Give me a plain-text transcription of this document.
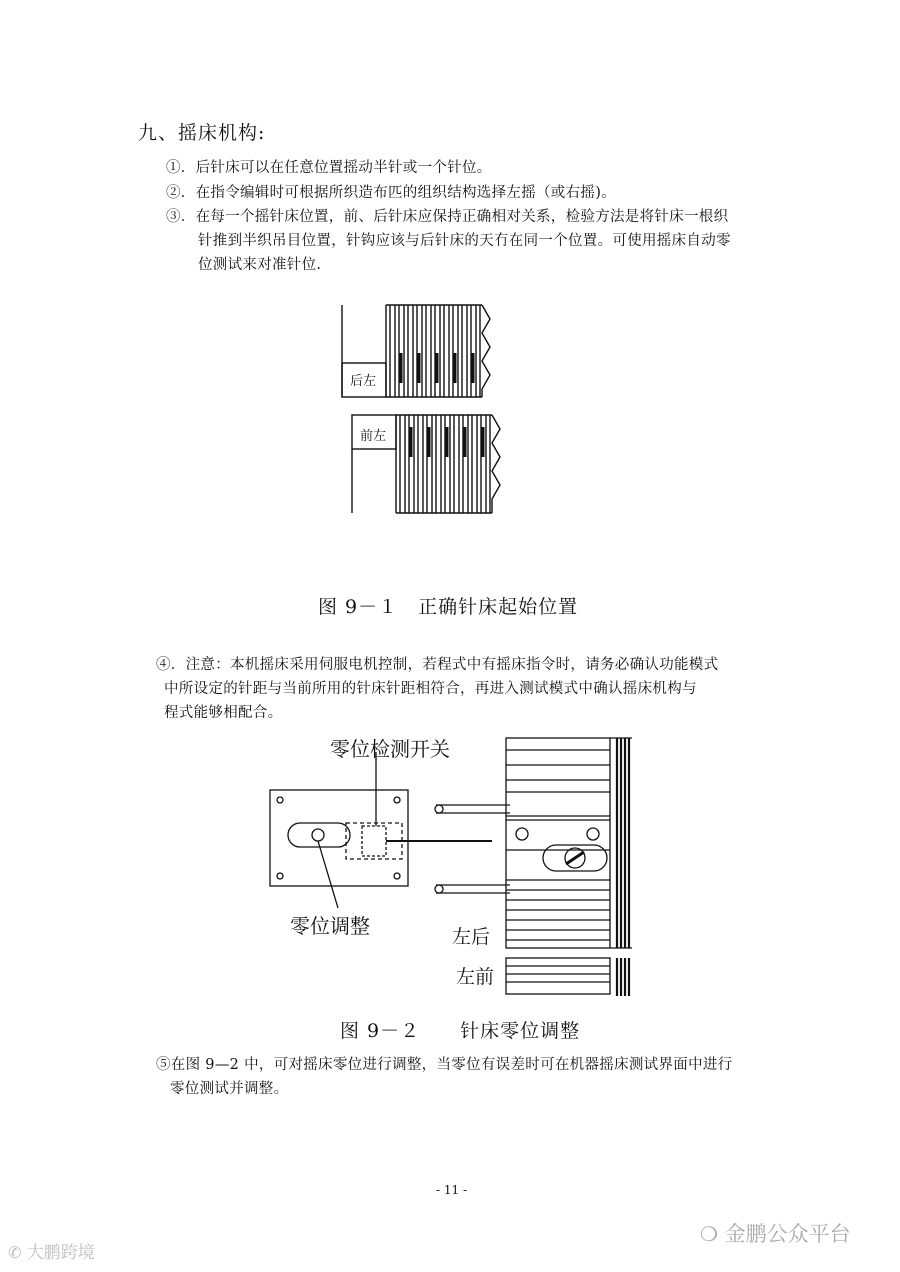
九、摇床机构:
①．后针床可以在任意位置摇动半针或一个针位。
②．在指令编辑时可根据所织造布匹的组织结构选择左摇（或右摇)。
③．在每一个摇针床位置，前、后针床应保持正确相对关系，检验方法是将针床一根织
针推到半织吊目位置，针钩应该与后针床的天冇在同一个位置。可使用摇床自动零
位测试来对准针位.
后左
前左
图 9－１　正确针床起始位置
④．注意：本机摇床采用伺服电机控制，若程式中有摇床指令时，请务必确认功能模式
中所设定的针距与当前所用的针床针距相符合，再进入测试模式中确认摇床机构与
程式能够相配合。
零位检测开关
零位调整	左后
左前
图 9－２　　针床零位调整
⑤在图 9—2 中，可对摇床零位进行调整，当零位有误差时可在机器摇床测试界面中进行
零位测试并调整。
- 11 -
✆ 大鹏跨境
❍ 金鹏公众平台
